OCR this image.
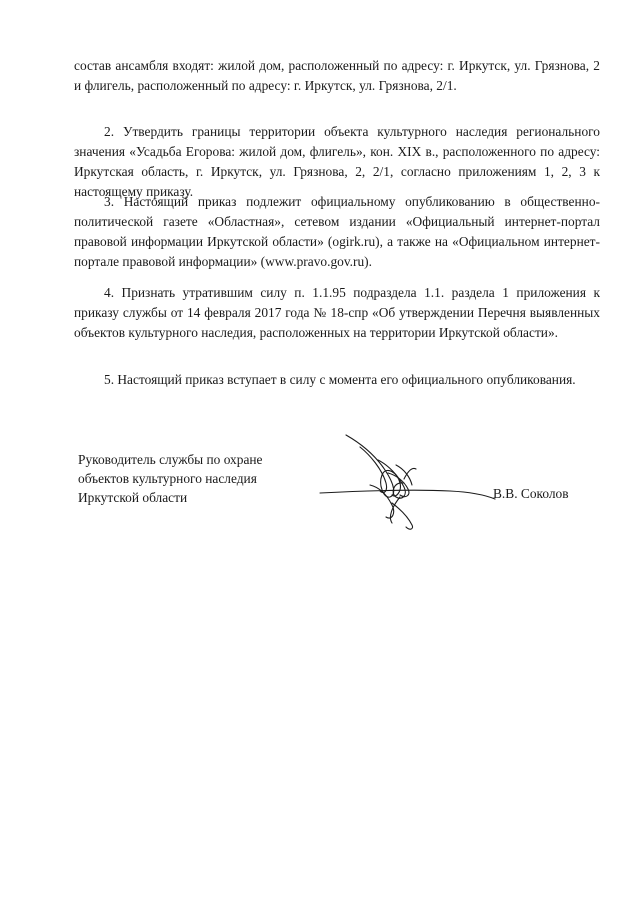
состав ансамбля входят: жилой дом, расположенный по адресу: г. Иркутск, ул. Грязнова, 2 и флигель, расположенный по адресу: г. Иркутск, ул. Грязнова, 2/1.

2. Утвердить границы территории объекта культурного наследия регионального значения «Усадьба Егорова: жилой дом, флигель», кон. XIX в., расположенного по адресу: Иркутская область, г. Иркутск, ул. Грязнова, 2, 2/1, согласно приложениям 1, 2, 3 к настоящему приказу.

3. Настоящий приказ подлежит официальному опубликованию в общественно-политической газете «Областная», сетевом издании «Официальный интернет-портал правовой информации Иркутской области» (ogirk.ru), а также на «Официальном интернет-портале правовой информации» (www.pravo.gov.ru).

4. Признать утратившим силу п. 1.1.95 подраздела 1.1. раздела 1 приложения к приказу службы от 14 февраля 2017 года № 18-спр «Об утверждении Перечня выявленных объектов культурного наследия, расположенных на территории Иркутской области».

5. Настоящий приказ вступает в силу с момента его официального опубликования.

Руководитель службы по охране
объектов культурного наследия
Иркутской области	В.В. Соколов
